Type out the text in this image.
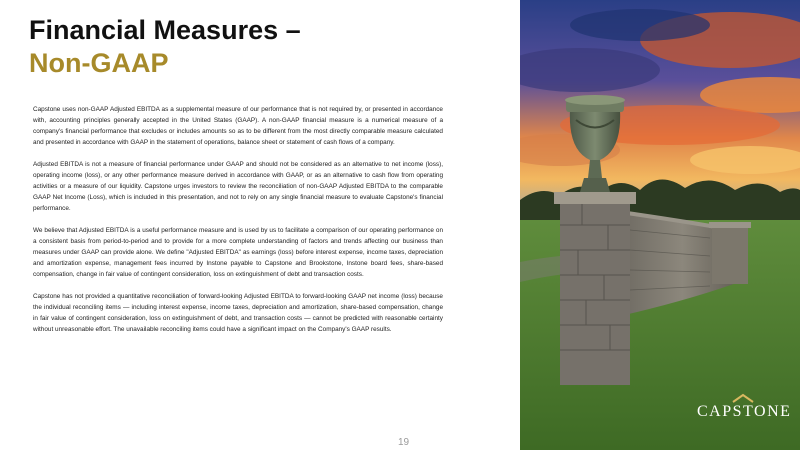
Financial Measures –
Non-GAAP

Capstone uses non-GAAP Adjusted EBITDA as a supplemental measure of our performance that is not required by, or presented in accordance with, accounting principles generally accepted in the United States (GAAP). A non-GAAP financial measure is a numerical measure of a company's financial performance that excludes or includes amounts so as to be different from the most directly comparable measure calculated and presented in accordance with GAAP in the statement of operations, balance sheet or statement of cash flows of a company.

Adjusted EBITDA is not a measure of financial performance under GAAP and should not be considered as an alternative to net income (loss), operating income (loss), or any other performance measure derived in accordance with GAAP, or as an alternative to cash flow from operating activities or a measure of our liquidity. Capstone urges investors to review the reconciliation of non-GAAP Adjusted EBITDA to the comparable GAAP Net Income (Loss), which is included in this presentation, and not to rely on any single financial measure to evaluate Capstone's financial performance.

We believe that Adjusted EBITDA is a useful performance measure and is used by us to facilitate a comparison of our operating performance on a consistent basis from period-to-period and to provide for a more complete understanding of factors and trends affecting our business than measures under GAAP can provide alone. We define "Adjusted EBITDA" as earnings (loss) before interest expense, income taxes, depreciation and amortization expense, management fees incurred by Instone payable to Capstone and Brookstone, Instone board fees, share-based compensation, change in fair value of contingent consideration, loss on extinguishment of debt and transaction costs.

Capstone has not provided a quantitative reconciliation of forward-looking Adjusted EBITDA to forward-looking GAAP net income (loss) because the individual reconciling items — including interest expense, income taxes, depreciation and amortization, share-based compensation, change in fair value of contingent consideration, loss on extinguishment of debt, and transaction costs — cannot be predicted with reasonable certainty without unreasonable effort. The unavailable reconciling items could have a significant impact on the Company's GAAP results.

19
CAPSTONE
